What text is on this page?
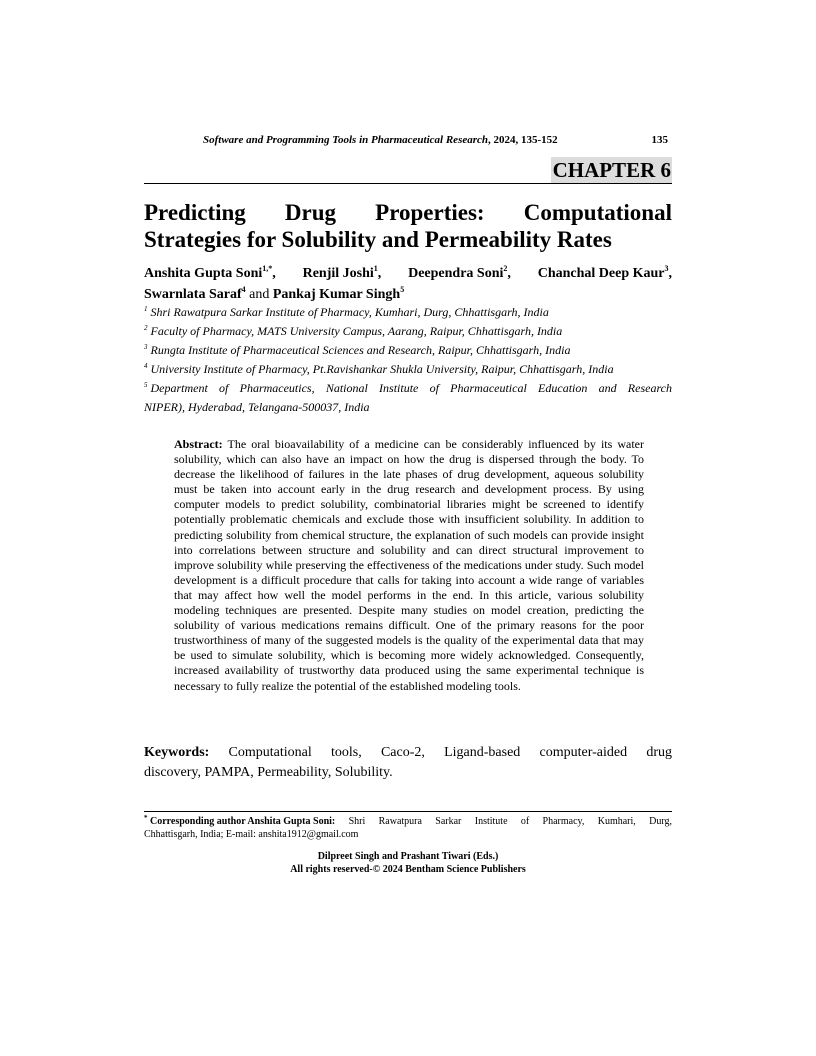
Software and Programming Tools in Pharmaceutical Research, 2024, 135-152	135
CHAPTER 6
Predicting Drug Properties: Computational
Strategies for Solubility and Permeability Rates
Anshita Gupta Soni$^{1,*}$, Renjil Joshi$^1$, Deependra Soni$^2$, Chanchal Deep Kaur$^3$,
Swarnlata Saraf$^4$ and Pankaj Kumar Singh$^5$
$^1$ Shri Rawatpura Sarkar Institute of Pharmacy, Kumhari, Durg, Chhattisgarh, India
$^2$ Faculty of Pharmacy, MATS University Campus, Aarang, Raipur, Chhattisgarh, India
$^3$ Rungta Institute of Pharmaceutical Sciences and Research, Raipur, Chhattisgarh, India
$^4$ University Institute of Pharmacy, Pt.Ravishankar Shukla University, Raipur, Chhattisgarh, India
$^5$ Department of Pharmaceutics, National Institute of Pharmaceutical Education and Research
NIPER), Hyderabad, Telangana-500037, India
Abstract: The oral bioavailability of a medicine can be considerably influenced by its water solubility, which can also have an impact on how the drug is dispersed through the body. To decrease the likelihood of failures in the late phases of drug development, aqueous solubility must be taken into account early in the drug research and development process. By using computer models to predict solubility, combinatorial libraries might be screened to identify potentially problematic chemicals and exclude those with insufficient solubility. In addition to predicting solubility from chemical structure, the explanation of such models can provide insight into correlations between structure and solubility and can direct structural improvement to improve solubility while preserving the effectiveness of the medications under study. Such model development is a difficult procedure that calls for taking into account a wide range of variables that may affect how well the model performs in the end. In this article, various solubility modeling techniques are presented. Despite many studies on model creation, predicting the solubility of various medications remains difficult. One of the primary reasons for the poor trustworthiness of many of the suggested models is the quality of the experimental data that may be used to simulate solubility, which is becoming more widely acknowledged. Consequently, increased availability of trustworthy data produced using the same experimental technique is necessary to fully realize the potential of the established modeling tools.
Keywords: Computational tools, Caco-2, Ligand-based computer-aided drug
discovery, PAMPA, Permeability, Solubility.
* Corresponding author Anshita Gupta Soni: Shri Rawatpura Sarkar Institute of Pharmacy, Kumhari, Durg,
Chhattisgarh, India; E-mail: anshita1912@gmail.com
Dilpreet Singh and Prashant Tiwari (Eds.)
All rights reserved-© 2024 Bentham Science Publishers
